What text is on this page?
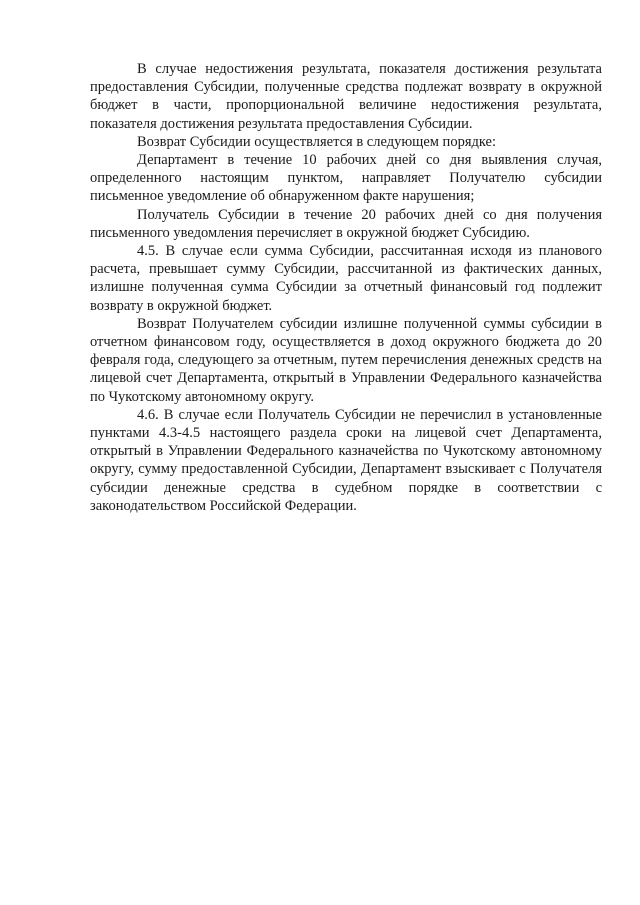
В случае недостижения результата, показателя достижения результата предоставления Субсидии, полученные средства подлежат возврату в окружной бюджет в части, пропорциональной величине недостижения результата, показателя достижения результата предоставления Субсидии.

Возврат Субсидии осуществляется в следующем порядке:

Департамент в течение 10 рабочих дней со дня выявления случая, определенного настоящим пунктом, направляет Получателю субсидии письменное уведомление об обнаруженном факте нарушения;

Получатель Субсидии в течение 20 рабочих дней со дня получения письменного уведомления перечисляет в окружной бюджет Субсидию.

4.5. В случае если сумма Субсидии, рассчитанная исходя из планового расчета, превышает сумму Субсидии, рассчитанной из фактических данных, излишне полученная сумма Субсидии за отчетный финансовый год подлежит возврату в окружной бюджет.

Возврат Получателем субсидии излишне полученной суммы субсидии в отчетном финансовом году, осуществляется в доход окружного бюджета до 20 февраля года, следующего за отчетным, путем перечисления денежных средств на лицевой счет Департамента, открытый в Управлении Федерального казначейства по Чукотскому автономному округу.

4.6. В случае если Получатель Субсидии не перечислил в установленные пунктами 4.3-4.5 настоящего раздела сроки на лицевой счет Департамента, открытый в Управлении Федерального казначейства по Чукотскому автономному округу, сумму предоставленной Субсидии, Департамент взыскивает с Получателя субсидии денежные средства в судебном порядке в соответствии с законодательством Российской Федерации.
